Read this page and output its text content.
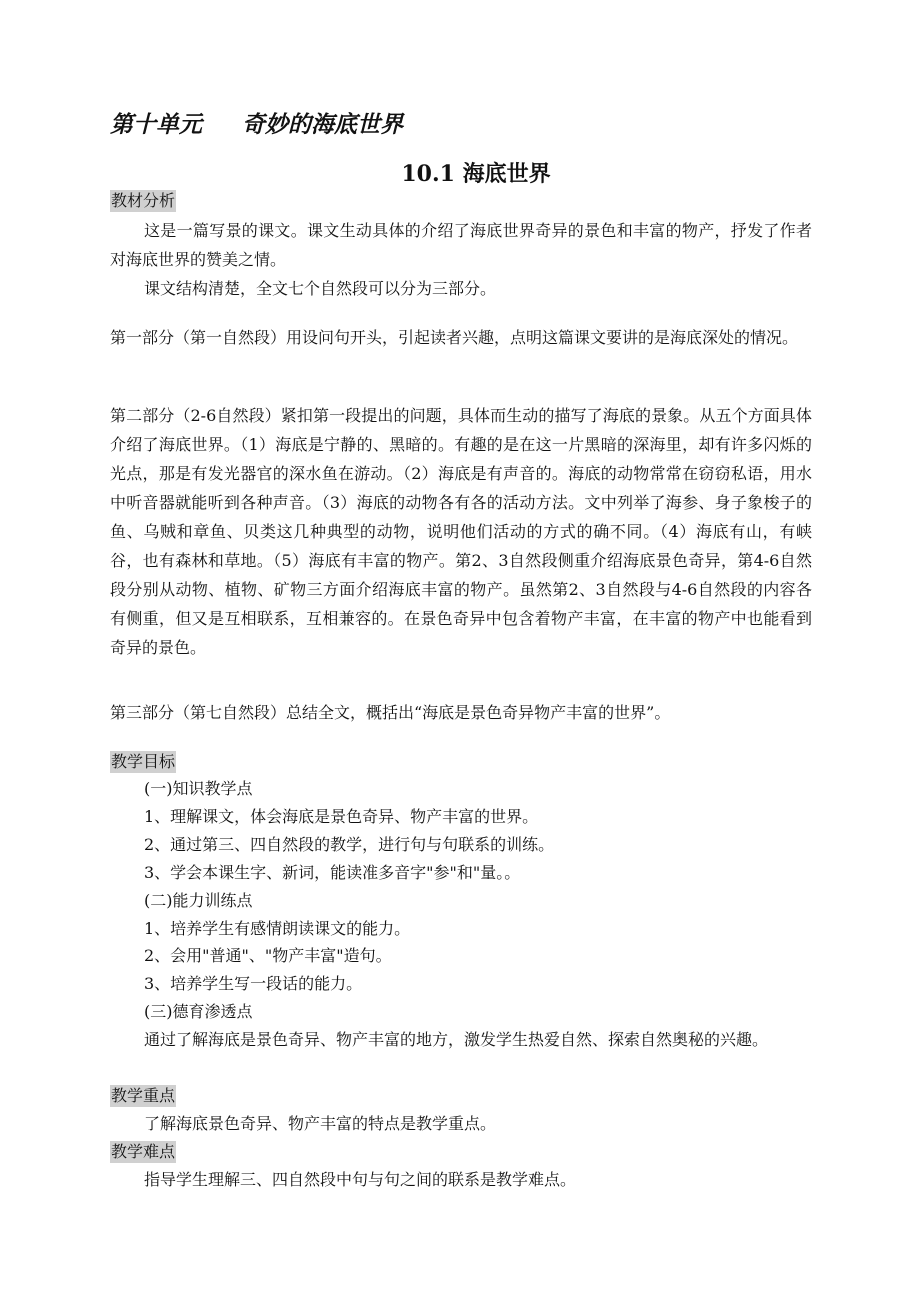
第十单元     奇妙的海底世界
10.1 海底世界
教材分析
这是一篇写景的课文。课文生动具体的介绍了海底世界奇异的景色和丰富的物产，抒发了作者对海底世界的赞美之情。
课文结构清楚，全文七个自然段可以分为三部分。
第一部分（第一自然段）用设问句开头，引起读者兴趣，点明这篇课文要讲的是海底深处的情况。
第二部分（2-6自然段）紧扣第一段提出的问题，具体而生动的描写了海底的景象。从五个方面具体介绍了海底世界。（1）海底是宁静的、黑暗的。有趣的是在这一片黑暗的深海里，却有许多闪烁的光点，那是有发光器官的深水鱼在游动。（2）海底是有声音的。海底的动物常常在窃窃私语，用水中听音器就能听到各种声音。（3）海底的动物各有各的活动方法。文中列举了海参、身子象梭子的鱼、乌贼和章鱼、贝类这几种典型的动物，说明他们活动的方式的确不同。（4）海底有山，有峡谷，也有森林和草地。（5）海底有丰富的物产。第2、3自然段侧重介绍海底景色奇异，第4-6自然段分别从动物、植物、矿物三方面介绍海底丰富的物产。虽然第2、3自然段与4-6自然段的内容各有侧重，但又是互相联系，互相兼容的。在景色奇异中包含着物产丰富，在丰富的物产中也能看到奇异的景色。
第三部分（第七自然段）总结全文，概括出“海底是景色奇异物产丰富的世界”。
教学目标
(一)知识教学点
1、理解课文，体会海底是景色奇异、物产丰富的世界。
2、通过第三、四自然段的教学，进行句与句联系的训练。
3、学会本课生字、新词，能读准多音字"参"和"量。。
(二)能力训练点
1、培养学生有感情朗读课文的能力。
2、会用"普通"、"物产丰富"造句。
3、培养学生写一段话的能力。
(三)德育渗透点
通过了解海底是景色奇异、物产丰富的地方，激发学生热爱自然、探索自然奥秘的兴趣。
教学重点
了解海底景色奇异、物产丰富的特点是教学重点。
教学难点
指导学生理解三、四自然段中句与句之间的联系是教学难点。
